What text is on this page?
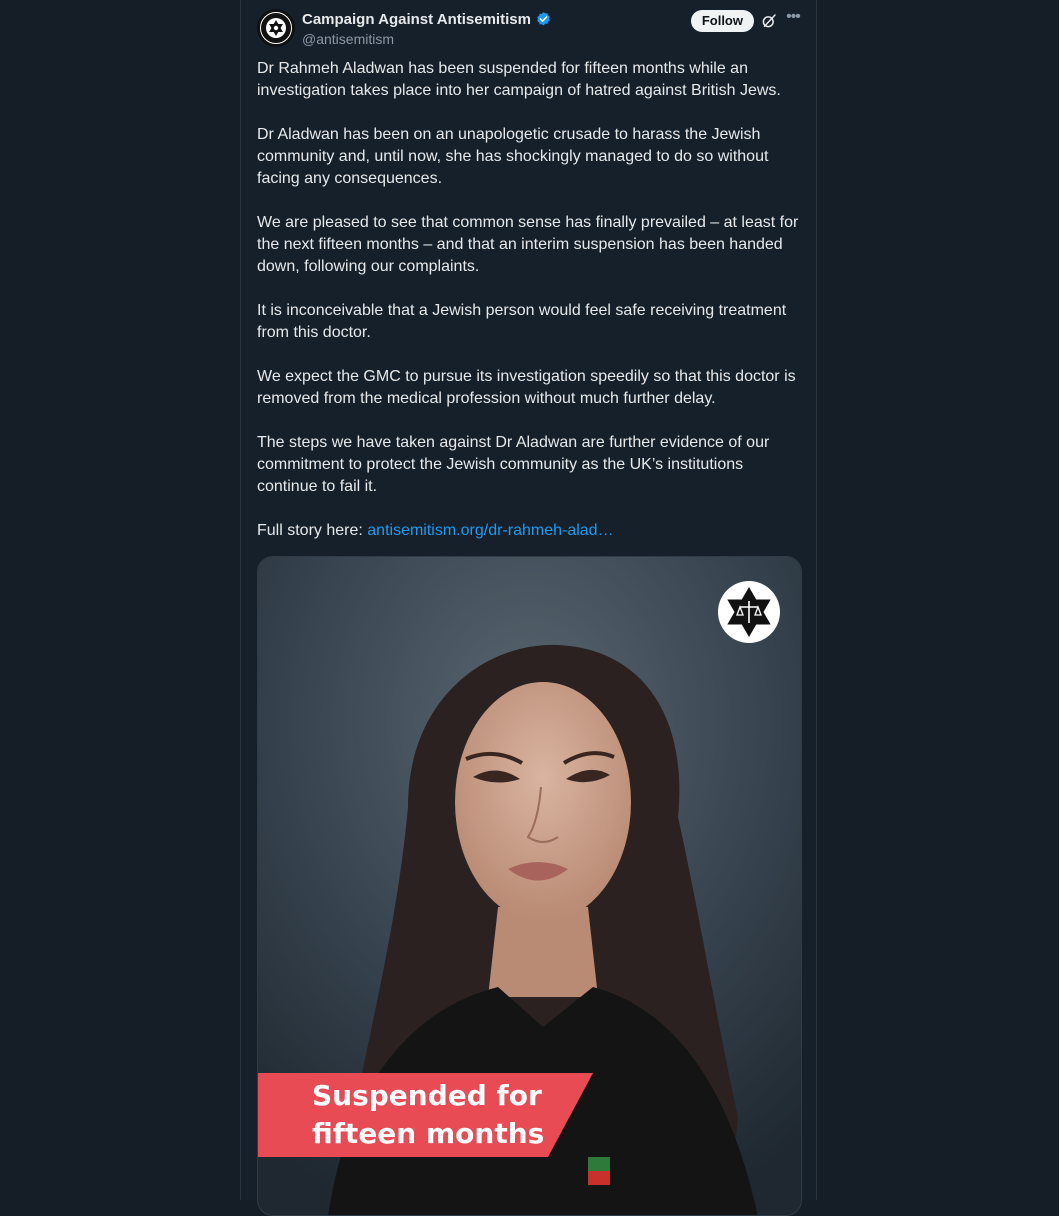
Campaign Against Antisemitism
@antisemitism
Follow	•••

Dr Rahmeh Aladwan has been suspended for fifteen months while an investigation takes place into her campaign of hatred against British Jews.

Dr Aladwan has been on an unapologetic crusade to harass the Jewish community and, until now, she has shockingly managed to do so without facing any consequences.

We are pleased to see that common sense has finally prevailed – at least for the next fifteen months – and that an interim suspension has been handed down, following our complaints.

It is inconceivable that a Jewish person would feel safe receiving treatment from this doctor.

We expect the GMC to pursue its investigation speedily so that this doctor is removed from the medical profession without much further delay.

The steps we have taken against Dr Aladwan are further evidence of our commitment to protect the Jewish community as the UK’s institutions continue to fail it.

Full story here: antisemitism.org/dr-rahmeh-alad…

Suspended for
fifteen months
